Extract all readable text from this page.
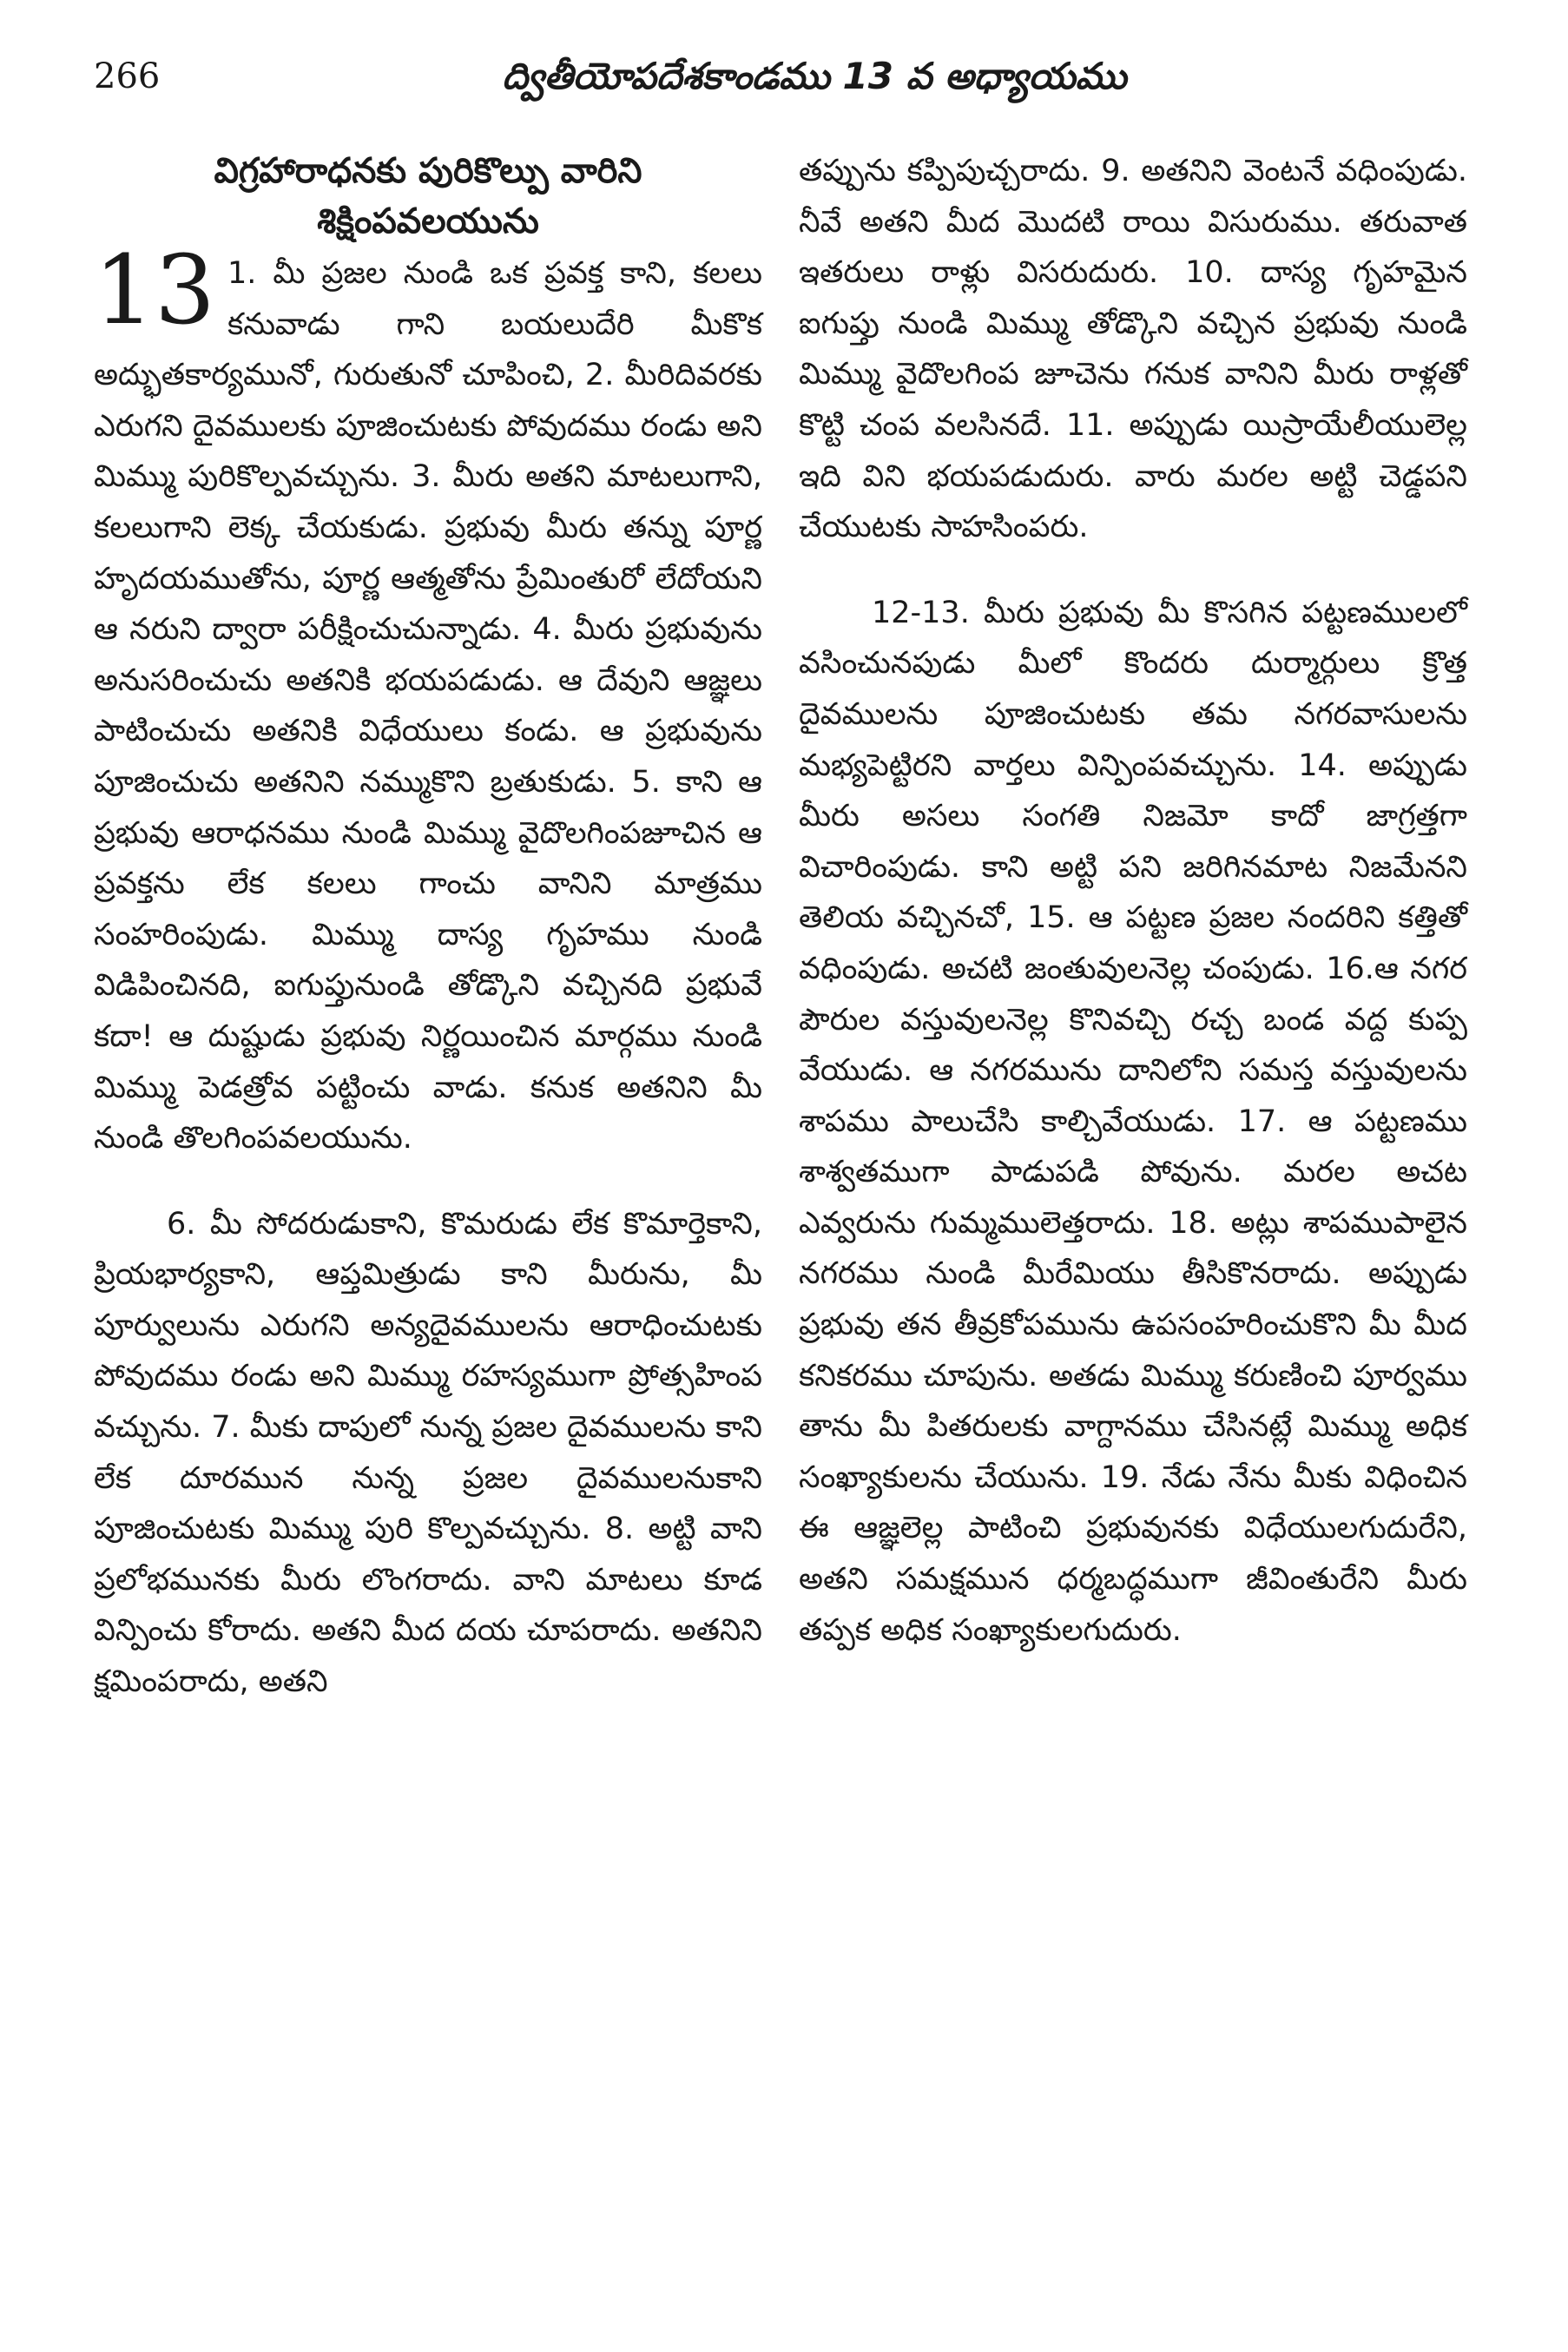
266	ద్వితీయోపదేశకాండము 13 వ అధ్యాయము
విగ్రహారాధనకు పురికొల్పు వారిని
శిక్షింపవలయును

13 1. మీ ప్రజల నుండి ఒక ప్రవక్త కాని, కలలు కనువాడు గాని బయలుదేరి మీకొక అద్భుతకార్యమునో, గురుతునో చూపించి, 2. మీరిదివరకు ఎరుగని దైవములకు పూజించుటకు పోవుదము రండు అని మిమ్ము పురికొల్పవచ్చును. 3. మీరు అతని మాటలుగాని, కలలుగాని లెక్క చేయకుడు. ప్రభువు మీరు తన్ను పూర్ణ హృదయముతోను, పూర్ణ ఆత్మతోను ప్రేమింతురో లేదోయని ఆ నరుని ద్వారా పరీక్షించుచున్నాడు. 4. మీరు ప్రభువును అనుసరించుచు అతనికి భయపడుడు. ఆ దేవుని ఆజ్ఞలు పాటించుచు అతనికి విధేయులు కండు. ఆ ప్రభువును పూజించుచు అతనిని నమ్ముకొని బ్రతుకుడు. 5. కాని ఆ ప్రభువు ఆరాధనము నుండి మిమ్ము వైదొలగింపజూచిన ఆ ప్రవక్తను లేక కలలు గాంచు వానిని మాత్రము సంహరింపుడు. మిమ్ము దాస్య గృహము నుండి విడిపించినది, ఐగుప్తునుండి తోడ్కొని వచ్చినది ప్రభువే కదా! ఆ దుష్టుడు ప్రభువు నిర్ణయించిన మార్గము నుండి మిమ్ము పెడత్రోవ పట్టించు వాడు. కనుక అతనిని మీ నుండి తొలగింపవలయును.

6. మీ సోదరుడుకాని, కొమరుడు లేక కొమార్తెకాని, ప్రియభార్యకాని, ఆప్తమిత్రుడు కాని మీరును, మీ పూర్వులును ఎరుగని అన్యదైవములను ఆరాధించుటకు పోవుదము రండు అని మిమ్ము రహస్యముగా ప్రోత్సహింప వచ్చును. 7. మీకు దాపులో నున్న ప్రజల దైవములను కాని లేక దూరమున నున్న ప్రజల దైవములనుకాని పూజించుటకు మిమ్ము పురి కొల్పవచ్చును. 8. అట్టి వాని ప్రలోభమునకు మీరు లొంగరాదు. వాని మాటలు కూడ విన్పించు కోరాదు. అతని మీద దయ చూపరాదు. అతనిని క్షమింపరాదు, అతని

తప్పును కప్పిపుచ్చరాదు. 9. అతనిని వెంటనే వధింపుడు. నీవే అతని మీద మొదటి రాయి విసురుము. తరువాత ఇతరులు రాళ్లు విసరుదురు. 10. దాస్య గృహమైన ఐగుప్తు నుండి మిమ్ము తోడ్కొని వచ్చిన ప్రభువు నుండి మిమ్ము వైదొలగింప జూచెను గనుక వానిని మీరు రాళ్లతో కొట్టి చంప వలసినదే. 11. అప్పుడు యిస్రాయేలీయులెల్ల ఇది విని భయపడుదురు. వారు మరల అట్టి చెడ్డపని చేయుటకు సాహసింపరు.

12-13. మీరు ప్రభువు మీ కొసగిన పట్టణములలో వసించునపుడు మీలో కొందరు దుర్మార్గులు క్రొత్త దైవములను పూజించుటకు తమ నగరవాసులను మభ్యపెట్టిరని వార్తలు విన్పింపవచ్చును. 14. అప్పుడు మీరు అసలు సంగతి నిజమో కాదో జాగ్రత్తగా విచారింపుడు. కాని అట్టి పని జరిగినమాట నిజమేనని తెలియ వచ్చినచో, 15. ఆ పట్టణ ప్రజల నందరిని కత్తితో వధింపుడు. అచటి జంతువులనెల్ల చంపుడు. 16.ఆ నగర పౌరుల వస్తువులనెల్ల కొనివచ్చి రచ్చ బండ వద్ద కుప్ప వేయుడు. ఆ నగరమును దానిలోని సమస్త వస్తువులను శాపము పాలుచేసి కాల్చివేయుడు. 17. ఆ పట్టణము శాశ్వతముగా పాడుపడి పోవును. మరల అచట ఎవ్వరును గుమ్మములెత్తరాదు. 18. అట్లు శాపముపాలైన నగరము నుండి మీరేమియు తీసికొనరాదు. అప్పుడు ప్రభువు తన తీవ్రకోపమును ఉపసంహరించుకొని మీ మీద కనికరము చూపును. అతడు మిమ్ము కరుణించి పూర్వము తాను మీ పితరులకు వాగ్దానము చేసినట్లే మిమ్ము అధిక సంఖ్యాకులను చేయును. 19. నేడు నేను మీకు విధించిన ఈ ఆజ్ఞలెల్ల పాటించి ప్రభువునకు విధేయులగుదురేని, అతని సమక్షమున ధర్మబద్ధముగా జీవింతురేని మీరు తప్పక అధిక సంఖ్యాకులగుదురు.
